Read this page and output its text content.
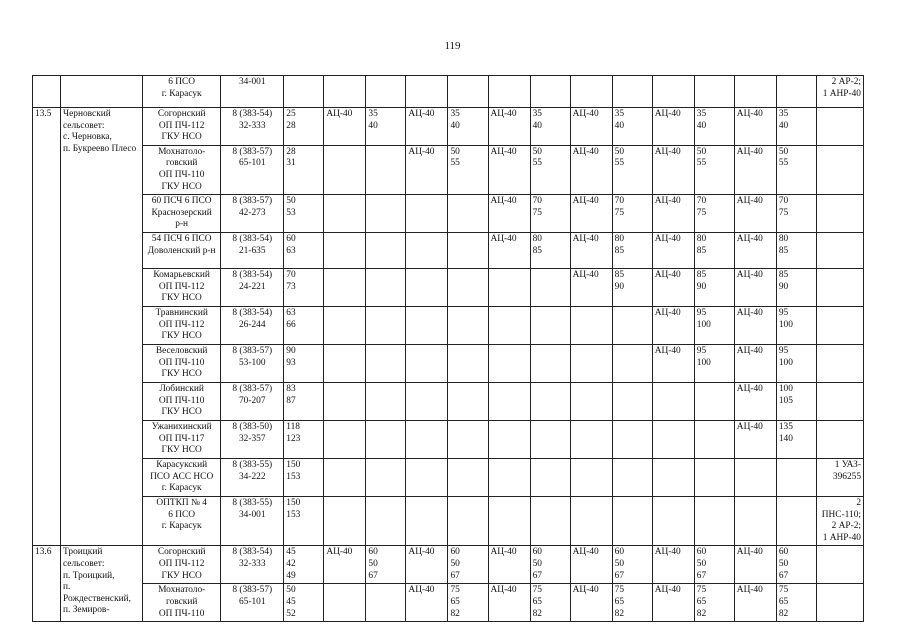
119
		6 ПСО
г. Карасук	34-001														2 АР-2;
1 АНР-40
13.5	Черновский сельсовет:
с. Черновка,
п. Букреево Плесо	Согорнский
ОП ПЧ-112
ГКУ НСО	8 (383-54)
32-333	25
28	АЦ-40	35
40	АЦ-40	35
40	АЦ-40	35
40	АЦ-40	35
40	АЦ-40	35
40	АЦ-40	35
40	
		Мохнатоло-
говский
ОП ПЧ-110
ГКУ НСО	8 (383-57)
65-101	28
31			АЦ-40	50
55	АЦ-40	50
55	АЦ-40	50
55	АЦ-40	50
55	АЦ-40	50
55	
		60 ПСЧ 6 ПСО
Краснозерский
р-н	8 (383-57)
42-273	50
53					АЦ-40	70
75	АЦ-40	70
75	АЦ-40	70
75	АЦ-40	70
75	
		54 ПСЧ 6 ПСО
Доволенский р-н	8 (383-54)
21-635	60
63					АЦ-40	80
85	АЦ-40	80
85	АЦ-40	80
85	АЦ-40	80
85	
		Комарьевский
ОП ПЧ-112
ГКУ НСО	8 (383-54)
24-221	70
73							АЦ-40	85
90	АЦ-40	85
90	АЦ-40	85
90	
		Травнинский
ОП ПЧ-112
ГКУ НСО	8 (383-54)
26-244	63
66									АЦ-40	95
100	АЦ-40	95
100	
		Веселовский
ОП ПЧ-110
ГКУ НСО	8 (383-57)
53-100	90
93									АЦ-40	95
100	АЦ-40	95
100	
		Лобинский
ОП ПЧ-110
ГКУ НСО	8 (383-57)
70-207	83
87											АЦ-40	100
105	
		Ужанихинский
ОП ПЧ-117
ГКУ НСО	8 (383-50)
32-357	118
123											АЦ-40	135
140	
		Карасукский
ПСО АСС НСО
г. Карасук	8 (383-55)
34-222	150
153													1 УАЗ-
396255
		ОПТКП № 4
6 ПСО
г. Карасук	8 (383-55)
34-001	150
153													2 ПНС-110;
2 АР-2;
1 АНР-40
13.6	Троицкий сельсовет:
п. Троицкий,
п. Рождественский,
п. Земиров-	Согорнский
ОП ПЧ-112
ГКУ НСО	8 (383-54)
32-333	45
42
49	АЦ-40	60
50
67	АЦ-40	60
50
67	АЦ-40	60
50
67	АЦ-40	60
50
67	АЦ-40	60
50
67	АЦ-40	60
50
67	
		Мохнатоло-
говский
ОП ПЧ-110	8 (383-57)
65-101	50
45
52			АЦ-40	75
65
82	АЦ-40	75
65
82	АЦ-40	75
65
82	АЦ-40	75
65
82	АЦ-40	75
65
82	
